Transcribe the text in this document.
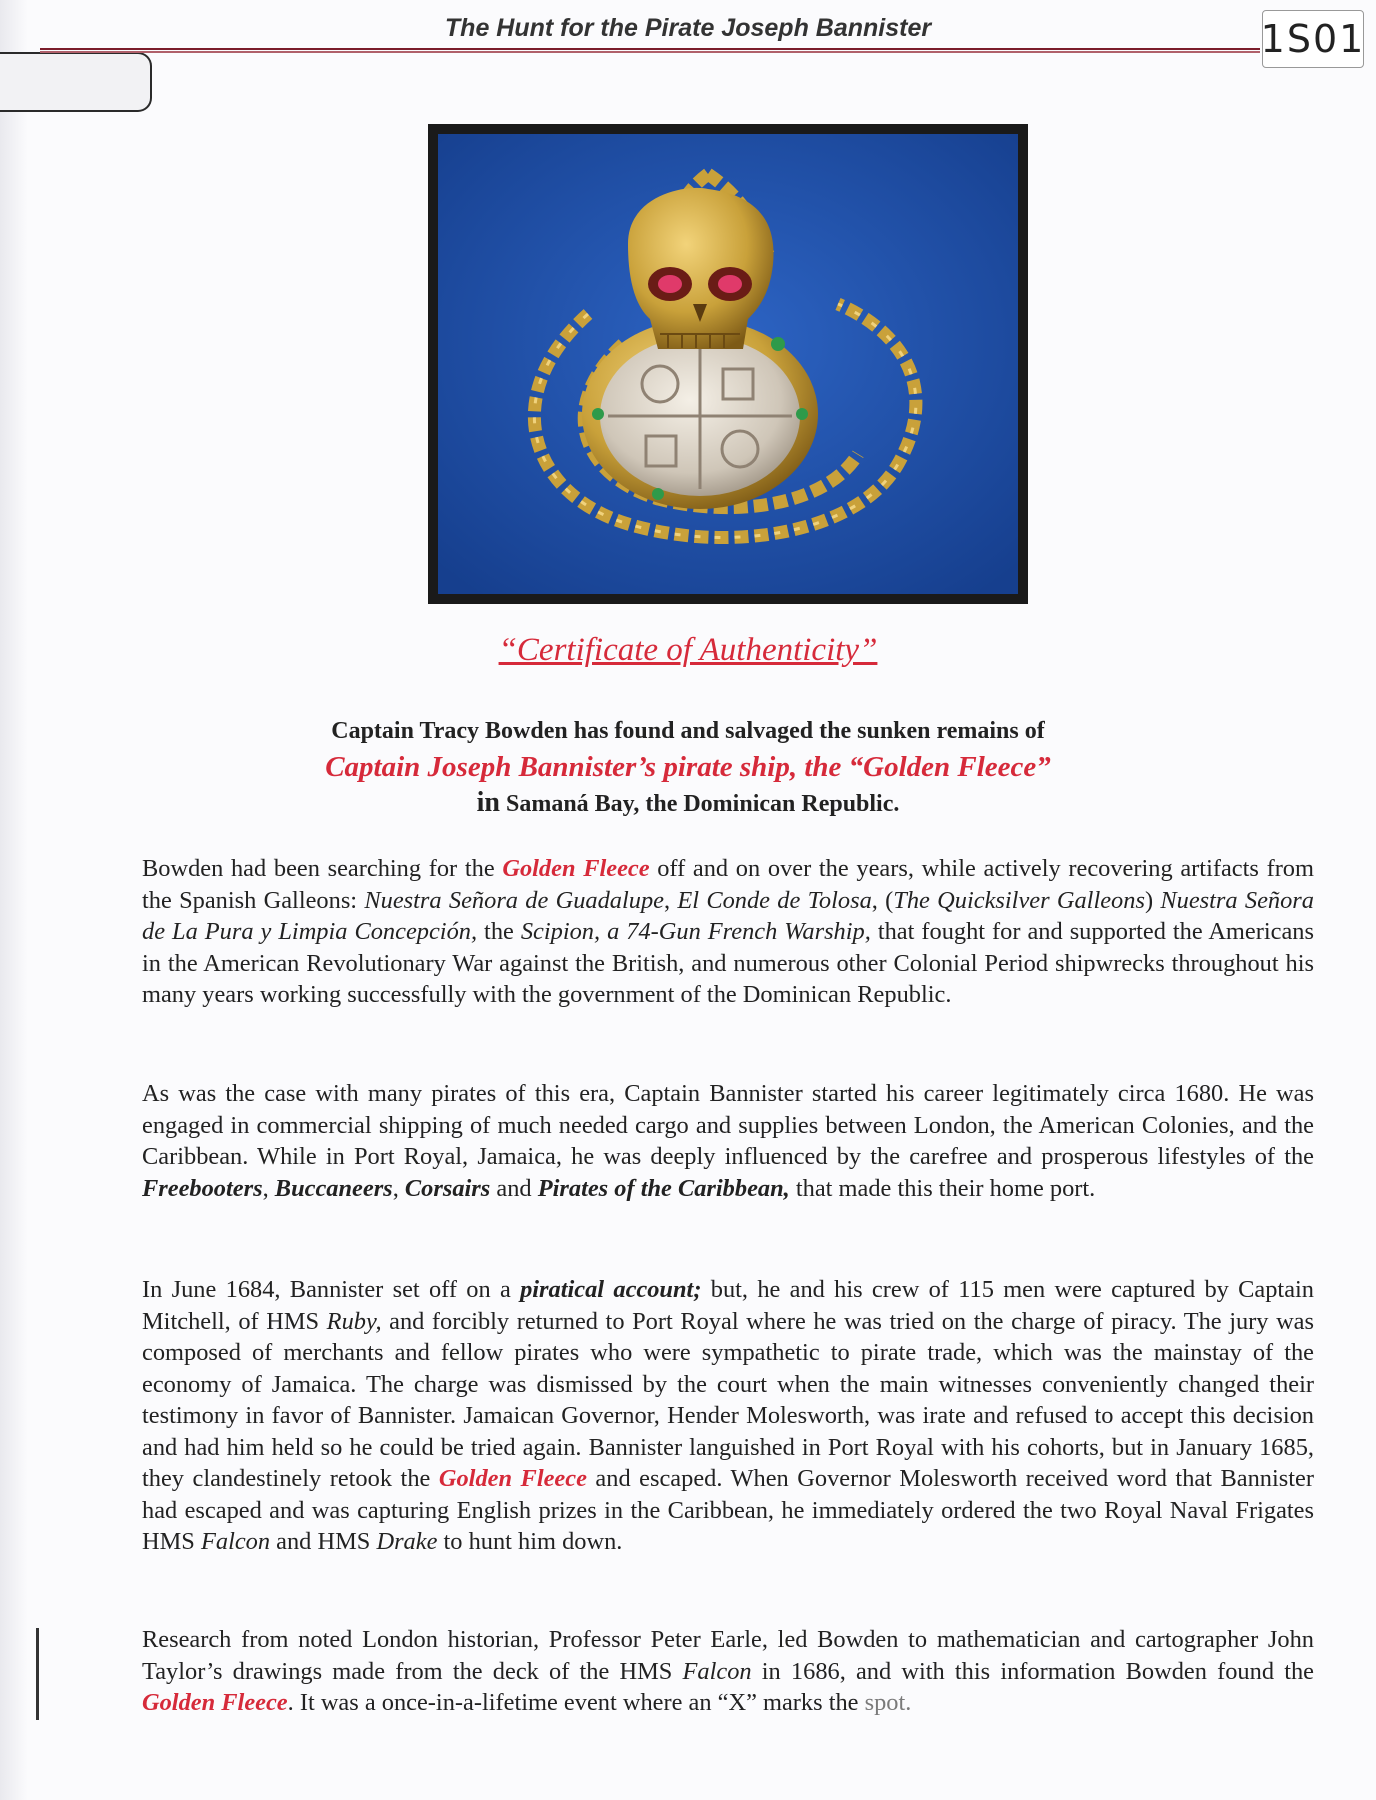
The Hunt for the Pirate Joseph Bannister	1S01
“Certificate of Authenticity”
Captain Tracy Bowden has found and salvaged the sunken remains of
Captain Joseph Bannister’s pirate ship, the “Golden Fleece”
in Samaná Bay, the Dominican Republic.

Bowden had been searching for the Golden Fleece off and on over the years, while actively recovering artifacts from the Spanish Galleons: Nuestra Señora de Guadalupe, El Conde de Tolosa, (The Quicksilver Galleons) Nuestra Señora de La Pura y Limpia Concepción, the Scipion, a 74-Gun French Warship, that fought for and supported the Americans in the American Revolutionary War against the British, and numerous other Colonial Period shipwrecks throughout his many years working successfully with the government of the Dominican Republic.

As was the case with many pirates of this era, Captain Bannister started his career legitimately circa 1680. He was engaged in commercial shipping of much needed cargo and supplies between London, the American Colonies, and the Caribbean. While in Port Royal, Jamaica, he was deeply influenced by the carefree and prosperous lifestyles of the Freebooters, Buccaneers, Corsairs and Pirates of the Caribbean, that made this their home port.

In June 1684, Bannister set off on a piratical account; but, he and his crew of 115 men were captured by Captain Mitchell, of HMS Ruby, and forcibly returned to Port Royal where he was tried on the charge of piracy. The jury was composed of merchants and fellow pirates who were sympathetic to pirate trade, which was the mainstay of the economy of Jamaica. The charge was dismissed by the court when the main witnesses conveniently changed their testimony in favor of Bannister. Jamaican Governor, Hender Molesworth, was irate and refused to accept this decision and had him held so he could be tried again. Bannister languished in Port Royal with his cohorts, but in January 1685, they clandestinely retook the Golden Fleece and escaped. When Governor Molesworth received word that Bannister had escaped and was capturing English prizes in the Caribbean, he immediately ordered the two Royal Naval Frigates HMS Falcon and HMS Drake to hunt him down.

Research from noted London historian, Professor Peter Earle, led Bowden to mathematician and cartographer John Taylor’s drawings made from the deck of the HMS Falcon in 1686, and with this information Bowden found the Golden Fleece. It was a once-in-a-lifetime event where an “X” marks the spot.
